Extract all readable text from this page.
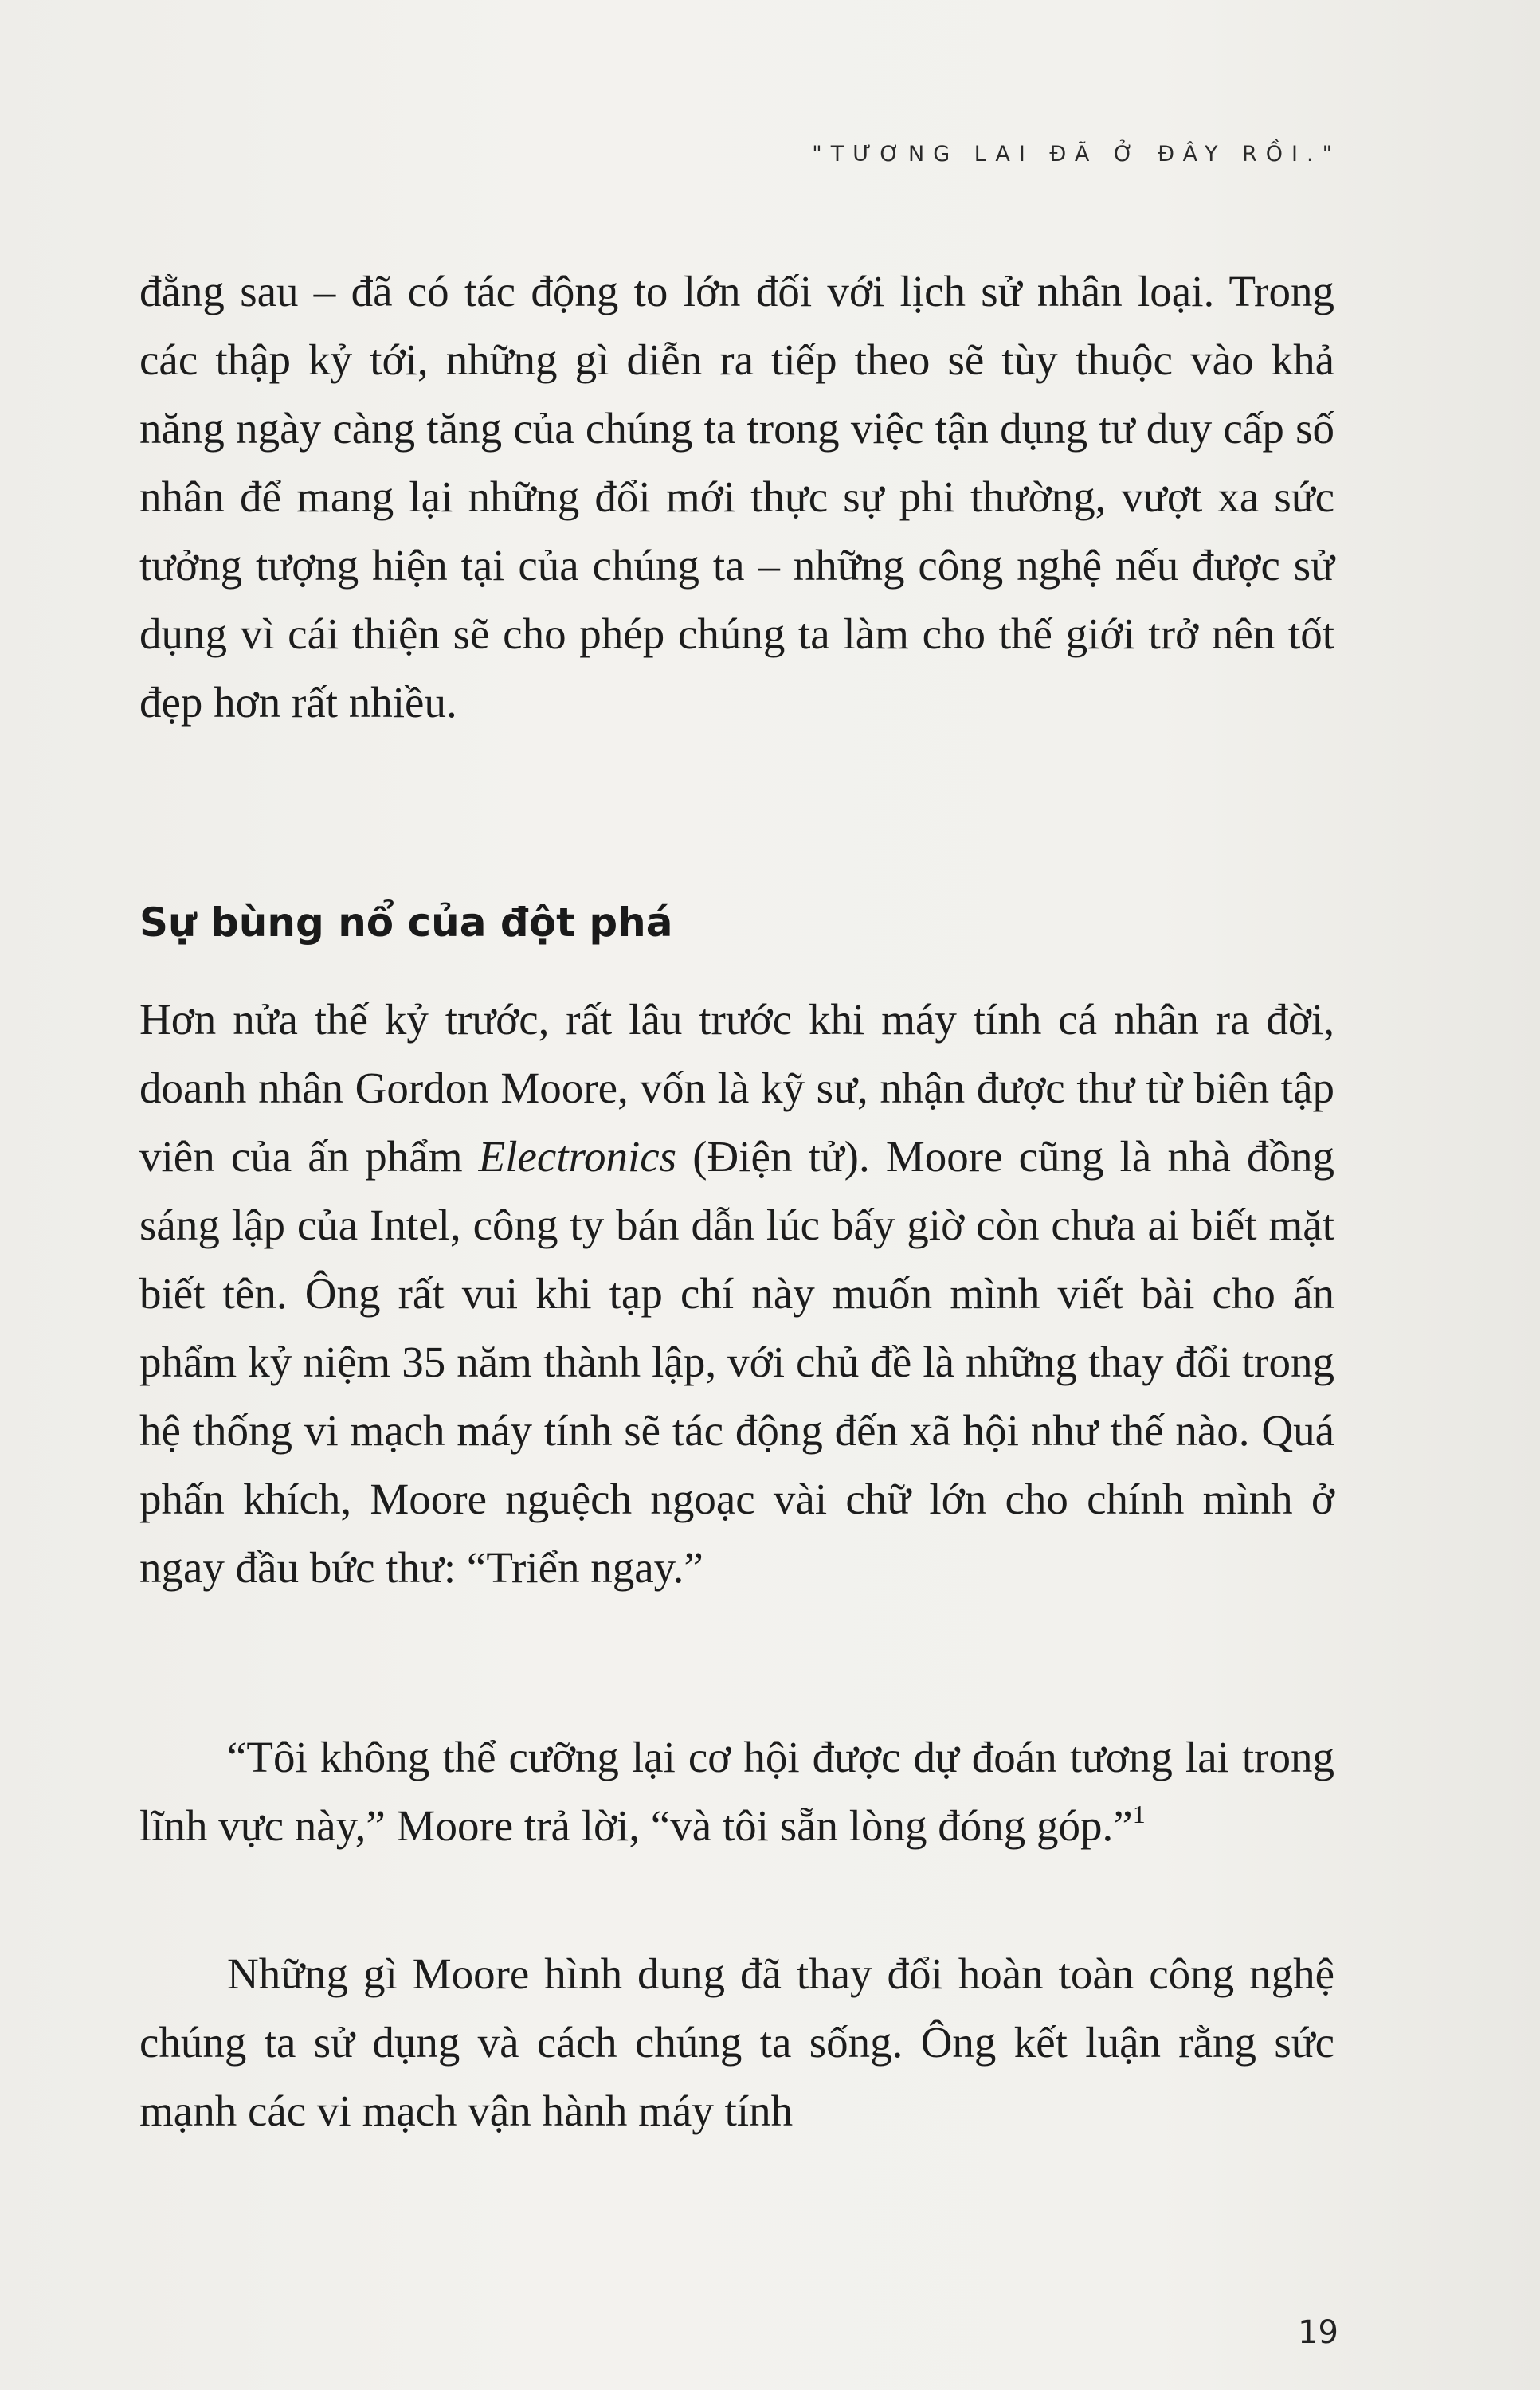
"TƯƠNG LAI ĐÃ Ở ĐÂY RỒI."

đằng sau – đã có tác động to lớn đối với lịch sử nhân loại. Trong các thập kỷ tới, những gì diễn ra tiếp theo sẽ tùy thuộc vào khả năng ngày càng tăng của chúng ta trong việc tận dụng tư duy cấp số nhân để mang lại những đổi mới thực sự phi thường, vượt xa sức tưởng tượng hiện tại của chúng ta – những công nghệ nếu được sử dụng vì cái thiện sẽ cho phép chúng ta làm cho thế giới trở nên tốt đẹp hơn rất nhiều.

Sự bùng nổ của đột phá

Hơn nửa thế kỷ trước, rất lâu trước khi máy tính cá nhân ra đời, doanh nhân Gordon Moore, vốn là kỹ sư, nhận được thư từ biên tập viên của ấn phẩm Electronics (Điện tử). Moore cũng là nhà đồng sáng lập của Intel, công ty bán dẫn lúc bấy giờ còn chưa ai biết mặt biết tên. Ông rất vui khi tạp chí này muốn mình viết bài cho ấn phẩm kỷ niệm 35 năm thành lập, với chủ đề là những thay đổi trong hệ thống vi mạch máy tính sẽ tác động đến xã hội như thế nào. Quá phấn khích, Moore nguệch ngoạc vài chữ lớn cho chính mình ở ngay đầu bức thư: “Triển ngay.”

“Tôi không thể cưỡng lại cơ hội được dự đoán tương lai trong lĩnh vực này,” Moore trả lời, “và tôi sẵn lòng đóng góp.”$^1$

Những gì Moore hình dung đã thay đổi hoàn toàn công nghệ chúng ta sử dụng và cách chúng ta sống. Ông kết luận rằng sức mạnh các vi mạch vận hành máy tính

19
